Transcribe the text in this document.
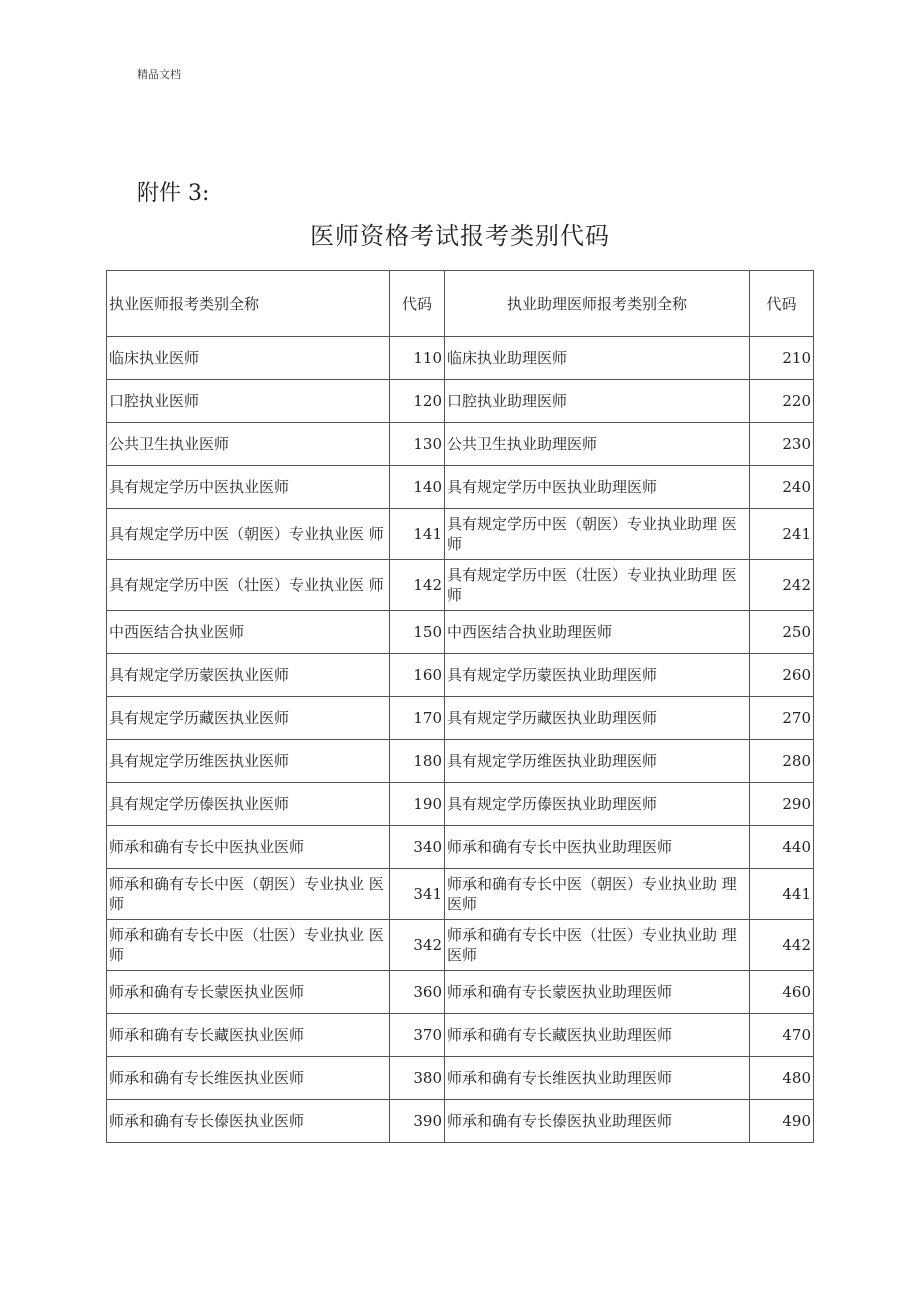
精品文档
附件 3:
医师资格考试报考类别代码
执业医师报考类别全称	代码	执业助理医师报考类别全称	代码
临床执业医师	110	临床执业助理医师	210
口腔执业医师	120	口腔执业助理医师	220
公共卫生执业医师	130	公共卫生执业助理医师	230
具有规定学历中医执业医师	140	具有规定学历中医执业助理医师	240
具有规定学历中医（朝医）专业执业医 师	141	具有规定学历中医（朝医）专业执业助理 医师	241
具有规定学历中医（壮医）专业执业医 师	142	具有规定学历中医（壮医）专业执业助理 医师	242
中西医结合执业医师	150	中西医结合执业助理医师	250
具有规定学历蒙医执业医师	160	具有规定学历蒙医执业助理医师	260
具有规定学历藏医执业医师	170	具有规定学历藏医执业助理医师	270
具有规定学历维医执业医师	180	具有规定学历维医执业助理医师	280
具有规定学历傣医执业医师	190	具有规定学历傣医执业助理医师	290
师承和确有专长中医执业医师	340	师承和确有专长中医执业助理医师	440
师承和确有专长中医（朝医）专业执业 医师	341	师承和确有专长中医（朝医）专业执业助 理医师	441
师承和确有专长中医（壮医）专业执业 医师	342	师承和确有专长中医（壮医）专业执业助 理医师	442
师承和确有专长蒙医执业医师	360	师承和确有专长蒙医执业助理医师	460
师承和确有专长藏医执业医师	370	师承和确有专长藏医执业助理医师	470
师承和确有专长维医执业医师	380	师承和确有专长维医执业助理医师	480
师承和确有专长傣医执业医师	390	师承和确有专长傣医执业助理医师	490
